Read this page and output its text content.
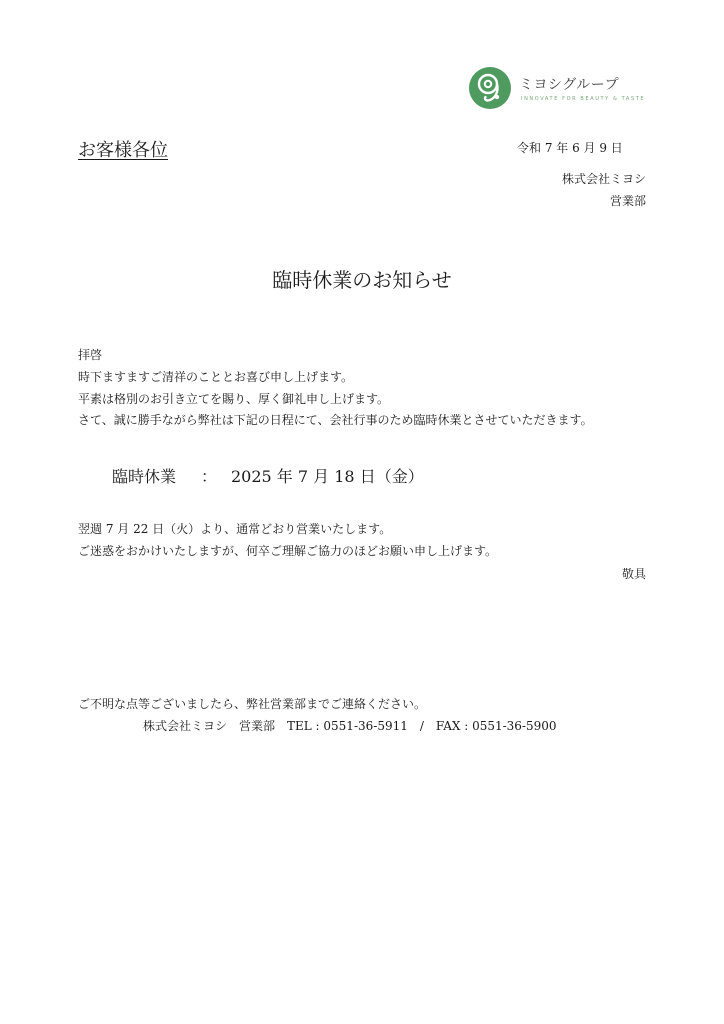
ミヨシグループ
INNOVATE FOR BEAUTY & TASTE
お客様各位	令和 7 年 6 月 9 日
株式会社ミヨシ
営業部
臨時休業のお知らせ
拝啓
時下ますますご清祥のこととお喜び申し上げます。
平素は格別のお引き立てを賜り、厚く御礼申し上げます。
さて、誠に勝手ながら弊社は下記の日程にて、会社行事のため臨時休業とさせていただきます。
臨時休業 ： 2025 年 7 月 18 日（金）
翌週 7 月 22 日（火）より、通常どおり営業いたします。
ご迷惑をおかけいたしますが、何卒ご理解ご協力のほどお願い申し上げます。
敬具
ご不明な点等ございましたら、弊社営業部までご連絡ください。
株式会社ミヨシ　営業部　TEL : 0551-36-5911　/　FAX : 0551-36-5900
